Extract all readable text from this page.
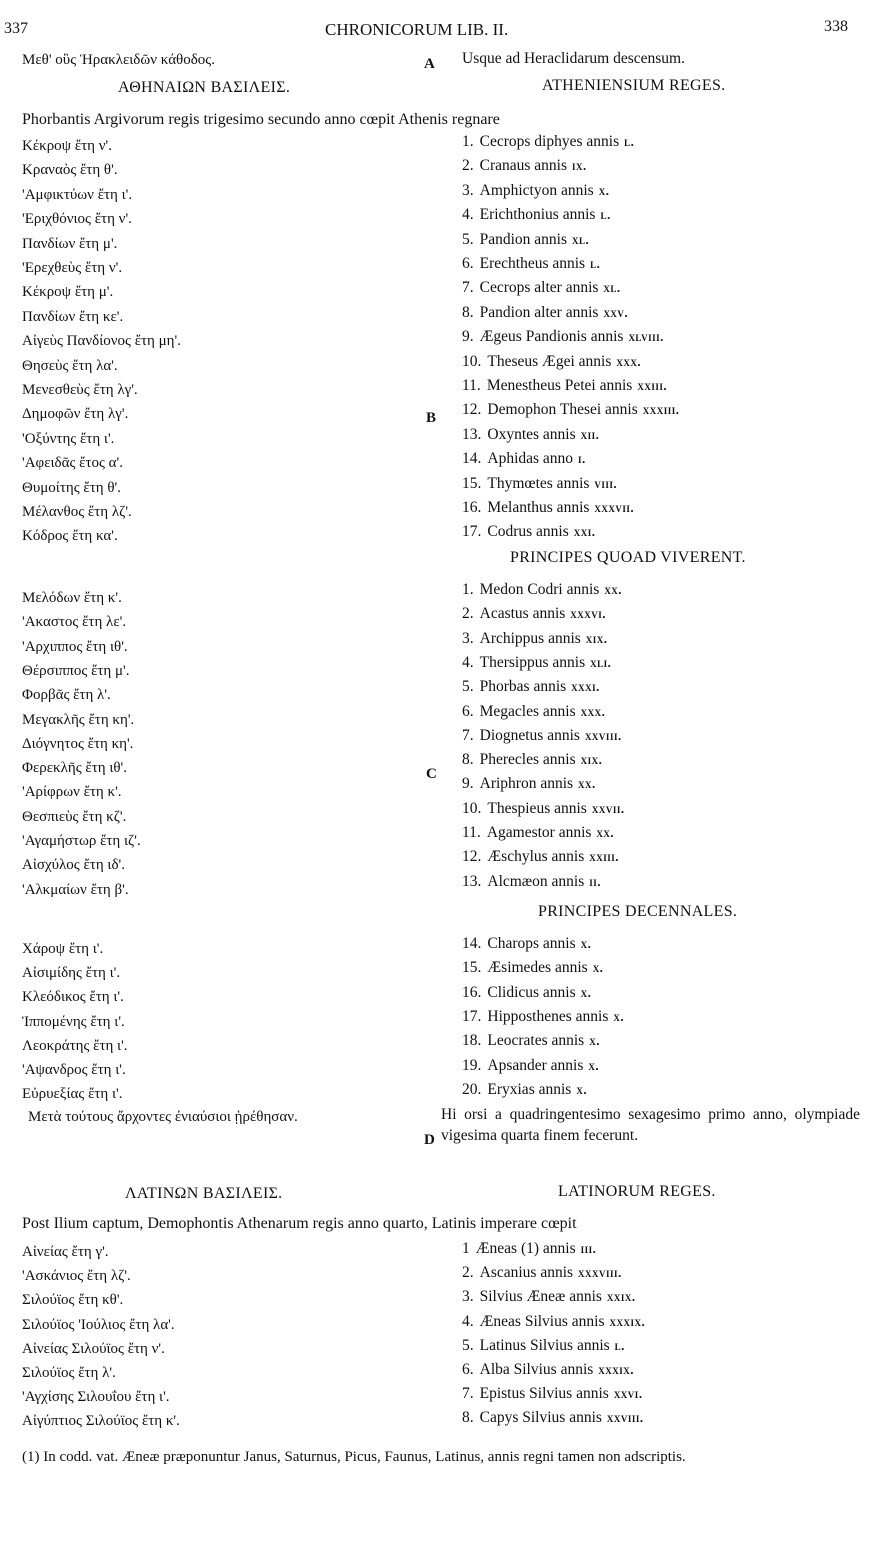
337	CHRONICORUM LIB. II.	338
A
B
C
D
Μεθ' οὓς Ἡρακλειδῶν κάθοδος.	Usque ad Heraclidarum descensum.
ΑΘΗΝΑΙΩΝ ΒΑΣΙΛΕΙΣ.	ATHENIENSIUM REGES.
Phorbantis Argivorum regis trigesimo secundo anno cœpit Athenis regnare
Κέκροψ ἔτη ν'.
Κραναὸς ἔτη θ'.
'Αμφικτύων ἔτη ι'.
'Εριχθόνιος ἔτη ν'.
Πανδίων ἔτη μ'.
'Ερεχθεὺς ἔτη ν'.
Κέκροψ ἔτη μ'.
Πανδίων ἔτη κε'.
Αἰγεὺς Πανδίονος ἔτη μη'.
Θησεὺς ἔτη λα'.
Μενεσθεὺς ἔτη λγ'.
Δημοφῶν ἔτη λγ'.
'Οξύντης ἔτη ι'.
'Αφειδᾶς ἔτος α'.
Θυμοίτης ἔτη θ'.
Μέλανθος ἔτη λζ'.
Κόδρος ἔτη κα'.
1. Cecrops diphyes annis l.
2. Cranaus annis ix.
3. Amphictyon annis x.
4. Erichthonius annis l.
5. Pandion annis xl.
6. Erechtheus annis l.
7. Cecrops alter annis xl.
8. Pandion alter annis xxv.
9. Ægeus Pandionis annis xlviii.
10. Theseus Ægei annis xxx.
11. Menestheus Petei annis xxiii.
12. Demophon Thesei annis xxxiii.
13. Oxyntes annis xii.
14. Aphidas anno i.
15. Thymœtes annis viii.
16. Melanthus annis xxxvii.
17. Codrus annis xxi.
PRINCIPES QUOAD VIVERENT.
Μελόδων ἔτη κ'.
'Ακαστος ἔτη λε'.
'Αρχιππος ἔτη ιθ'.
Θέρσιππος ἔτη μ'.
Φορβᾶς ἔτη λ'.
Μεγακλῆς ἔτη κη'.
Διόγνητος ἔτη κη'.
Φερεκλῆς ἔτη ιθ'.
'Αρίφρων ἔτη κ'.
Θεσπιεὺς ἔτη κζ'.
'Αγαμήστωρ ἔτη ιζ'.
Αἰσχύλος ἔτη ιδ'.
'Αλκμαίων ἔτη β'.
1. Medon Codri annis xx.
2. Acastus annis xxxvi.
3. Archippus annis xix.
4. Thersippus annis xli.
5. Phorbas annis xxxi.
6. Megacles annis xxx.
7. Diognetus annis xxviii.
8. Pherecles annis xix.
9. Ariphron annis xx.
10. Thespieus annis xxvii.
11. Agamestor annis xx.
12. Æschylus annis xxiii.
13. Alcmæon annis ii.
PRINCIPES DECENNALES.
Χάροψ ἔτη ι'.
Αἰσιμίδης ἔτη ι'.
Κλεόδικος ἔτη ι'.
Ἱππομένης ἔτη ι'.
Λεοκράτης ἔτη ι'.
'Αψανδρος ἔτη ι'.
Εὐρυεξίας ἔτη ι'.
14. Charops annis x.
15. Æsimedes annis x.
16. Clidicus annis x.
17. Hipposthenes annis x.
18. Leocrates annis x.
19. Apsander annis x.
20. Eryxias annis x.
Μετὰ τούτους ἄρχοντες ἐνιαύσιοι ᾑρέθησαν.	Hi orsi a quadringentesimo sexagesimo primo anno, olympiade vigesima quarta finem fecerunt.
ΛΑΤΙΝΩΝ ΒΑΣΙΛΕΙΣ.	LATINORUM REGES.
Post Ilium captum, Demophontis Athenarum regis anno quarto, Latinis imperare cœpit
Αἰνείας ἔτη γ'.
'Ασκάνιος ἔτη λζ'.
Σιλούϊος ἔτη κθ'.
Σιλούϊος 'Ιούλιος ἔτη λα'.
Αἰνείας Σιλούϊος ἔτη ν'.
Σιλούϊος ἔτη λ'.
'Αγχίσης Σιλουΐου ἔτη ι'.
Αἰγύπτιος Σιλούϊος ἔτη κ'.
1 Æneas (1) annis iii.
2. Ascanius annis xxxviii.
3. Silvius Æneæ annis xxix.
4. Æneas Silvius annis xxxix.
5. Latinus Silvius annis l.
6. Alba Silvius annis xxxix.
7. Epistus Silvius annis xxvi.
8. Capys Silvius annis xxviii.
(1) In codd. vat. Æneæ præponuntur Janus, Saturnus, Picus, Faunus, Latinus, annis regni tamen non adscriptis.
